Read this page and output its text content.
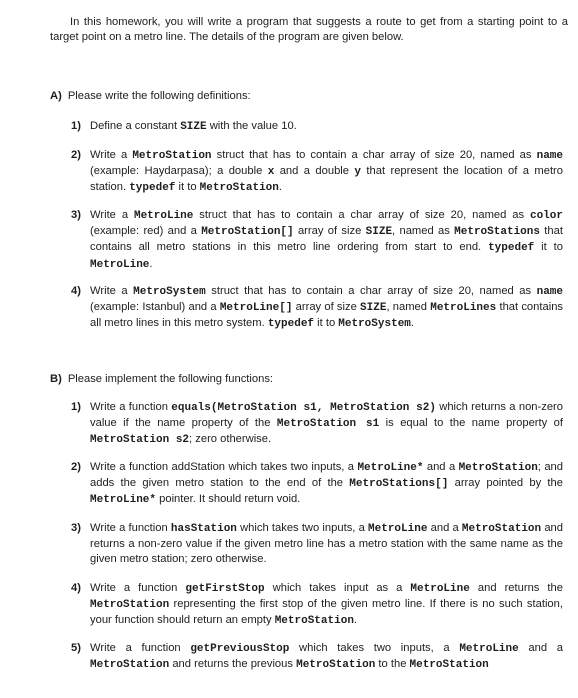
In this homework, you will write a program that suggests a route to get from a starting point to a target point on a metro line. The details of the program are given below.
A) Please write the following definitions:
1) Define a constant SIZE with the value 10.
2) Write a MetroStation struct that has to contain a char array of size 20, named as name (example: Haydarpasa); a double x and a double y that represent the location of a metro station. typedef it to MetroStation.
3) Write a MetroLine struct that has to contain a char array of size 20, named as color (example: red) and a MetroStation[] array of size SIZE, named as MetroStations that contains all metro stations in this metro line ordering from start to end. typedef it to MetroLine.
4) Write a MetroSystem struct that has to contain a char array of size 20, named as name (example: Istanbul) and a MetroLine[] array of size SIZE, named MetroLines that contains all metro lines in this metro system. typedef it to MetroSystem.
B) Please implement the following functions:
1) Write a function equals(MetroStation s1, MetroStation s2) which returns a non-zero value if the name property of the MetroStation s1 is equal to the name property of MetroStation s2; zero otherwise.
2) Write a function addStation which takes two inputs, a MetroLine* and a MetroStation; and adds the given metro station to the end of the MetroStations[] array pointed by the MetroLine* pointer. It should return void.
3) Write a function hasStation which takes two inputs, a MetroLine and a MetroStation and returns a non-zero value if the given metro line has a metro station with the same name as the given metro station; zero otherwise.
4) Write a function getFirstStop which takes input as a MetroLine and returns the MetroStation representing the first stop of the given metro line. If there is no such station, your function should return an empty MetroStation.
5) Write a function getPreviousStop which takes two inputs, a MetroLine and a MetroStation and returns the previous MetroStation to the MetroStation
